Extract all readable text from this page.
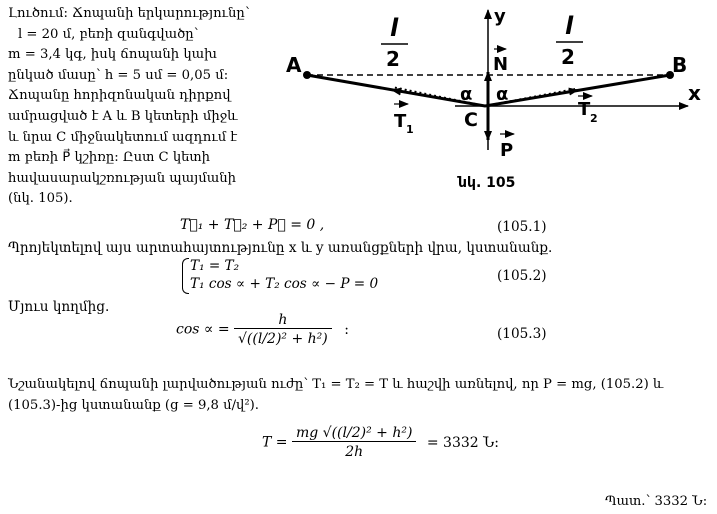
Լուծում: Ճոպանի երկարությունը՝
l = 20 մ, բեռի զանգվածը՝
m = 3,4 կգ, իսկ ճոպանի կախ
ընկած մասը՝ h = 5 սմ = 0,05 մ:
Ճոպանը հորիզոնական դիրքով
ամրացված է A և B կետերի միջև
և նրա C միջնակետում ազդում է
m բեռի P⃗ կշիռը: Ըստ C կետի
հավասարակշռության պայմանի
(նկ. 105).
x
y
A	B
C
N
P
T 1
T 2
α α
l
2
l
2
նկ. 105
T⃗₁ + T⃗₂ + P⃗ = 0 ,	(105.1)
Պրոյեկտելով այս արտահայտությունը x և y առանցքների վրա, կստանանք.
T₁ = T₂
T₁ cos ∝ + T₂ cos ∝ − P = 0	(105.2)
Մյուս կողմից.
cos ∝ = $\frac{h}{\text{√((l/2)² + h²)}}$ :	(105.3)
Նշանակելով ճոպանի լարվածության ուժը՝ T₁ = T₂ = T և հաշվի առնելով, որ P = mg, (105.2) և
(105.3)-ից կստանանք (g = 9,8 մ/վ²).
$T = \frac{\text{mg √((l/2)² + h²)}}{2h} = 3332$ Ն:
Պատ.՝ 3332 Ն:
